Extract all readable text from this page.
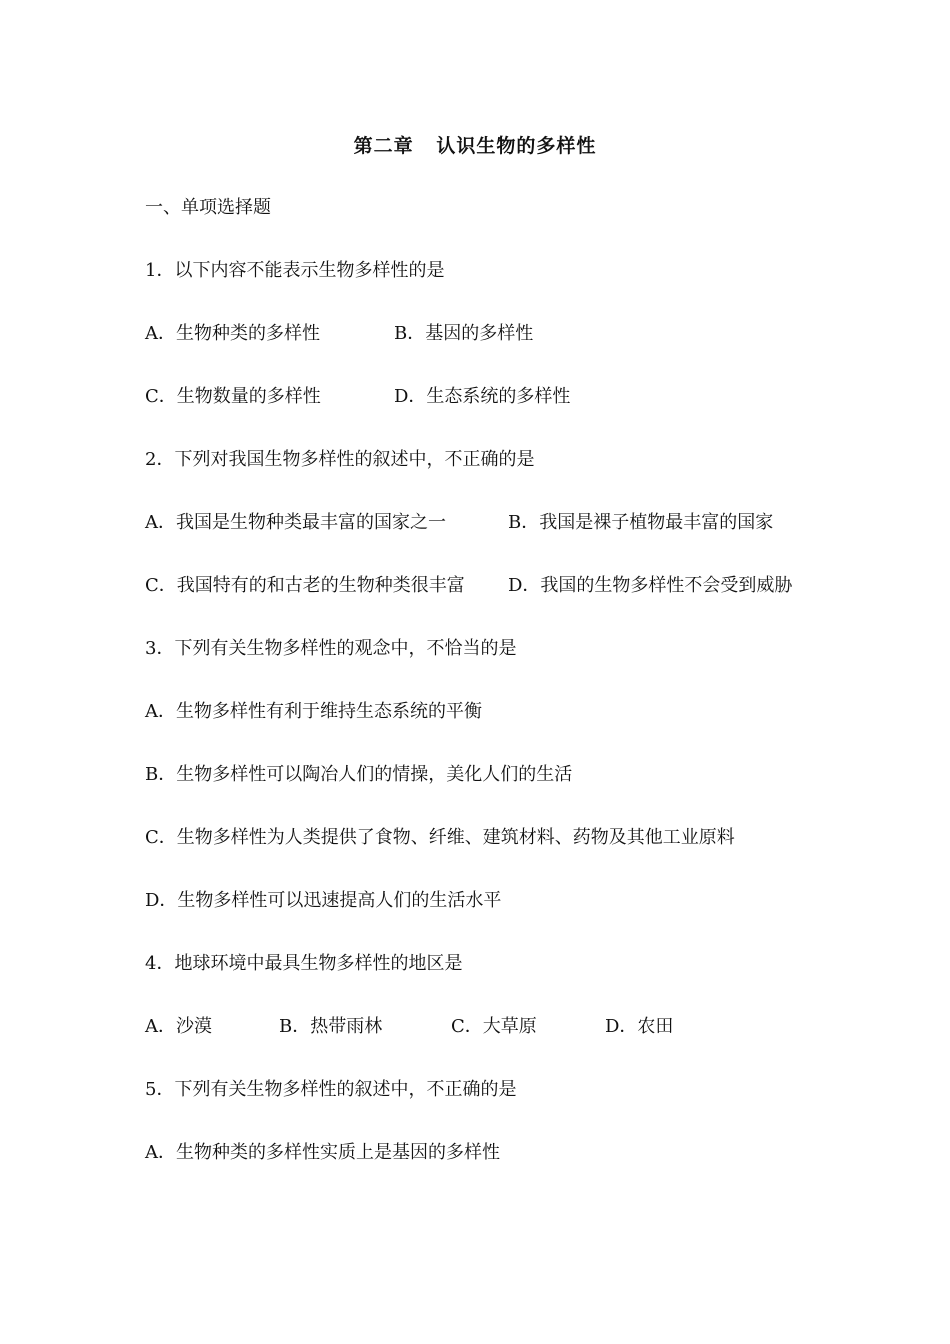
第二章   认识生物的多样性
一、单项选择题
1．以下内容不能表示生物多样性的是
A．生物种类的多样性	B．基因的多样性
C．生物数量的多样性	D．生态系统的多样性
2．下列对我国生物多样性的叙述中，不正确的是
A．我国是生物种类最丰富的国家之一	B．我国是裸子植物最丰富的国家
C．我国特有的和古老的生物种类很丰富 D．我国的生物多样性不会受到威胁
3．下列有关生物多样性的观念中，不恰当的是
A．生物多样性有利于维持生态系统的平衡
B．生物多样性可以陶冶人们的情操，美化人们的生活
C．生物多样性为人类提供了食物、纤维、建筑材料、药物及其他工业原料
D．生物多样性可以迅速提高人们的生活水平
4．地球环境中最具生物多样性的地区是
A．沙漠	B．热带雨林	C．大草原	D．农田
5．下列有关生物多样性的叙述中，不正确的是
A．生物种类的多样性实质上是基因的多样性
